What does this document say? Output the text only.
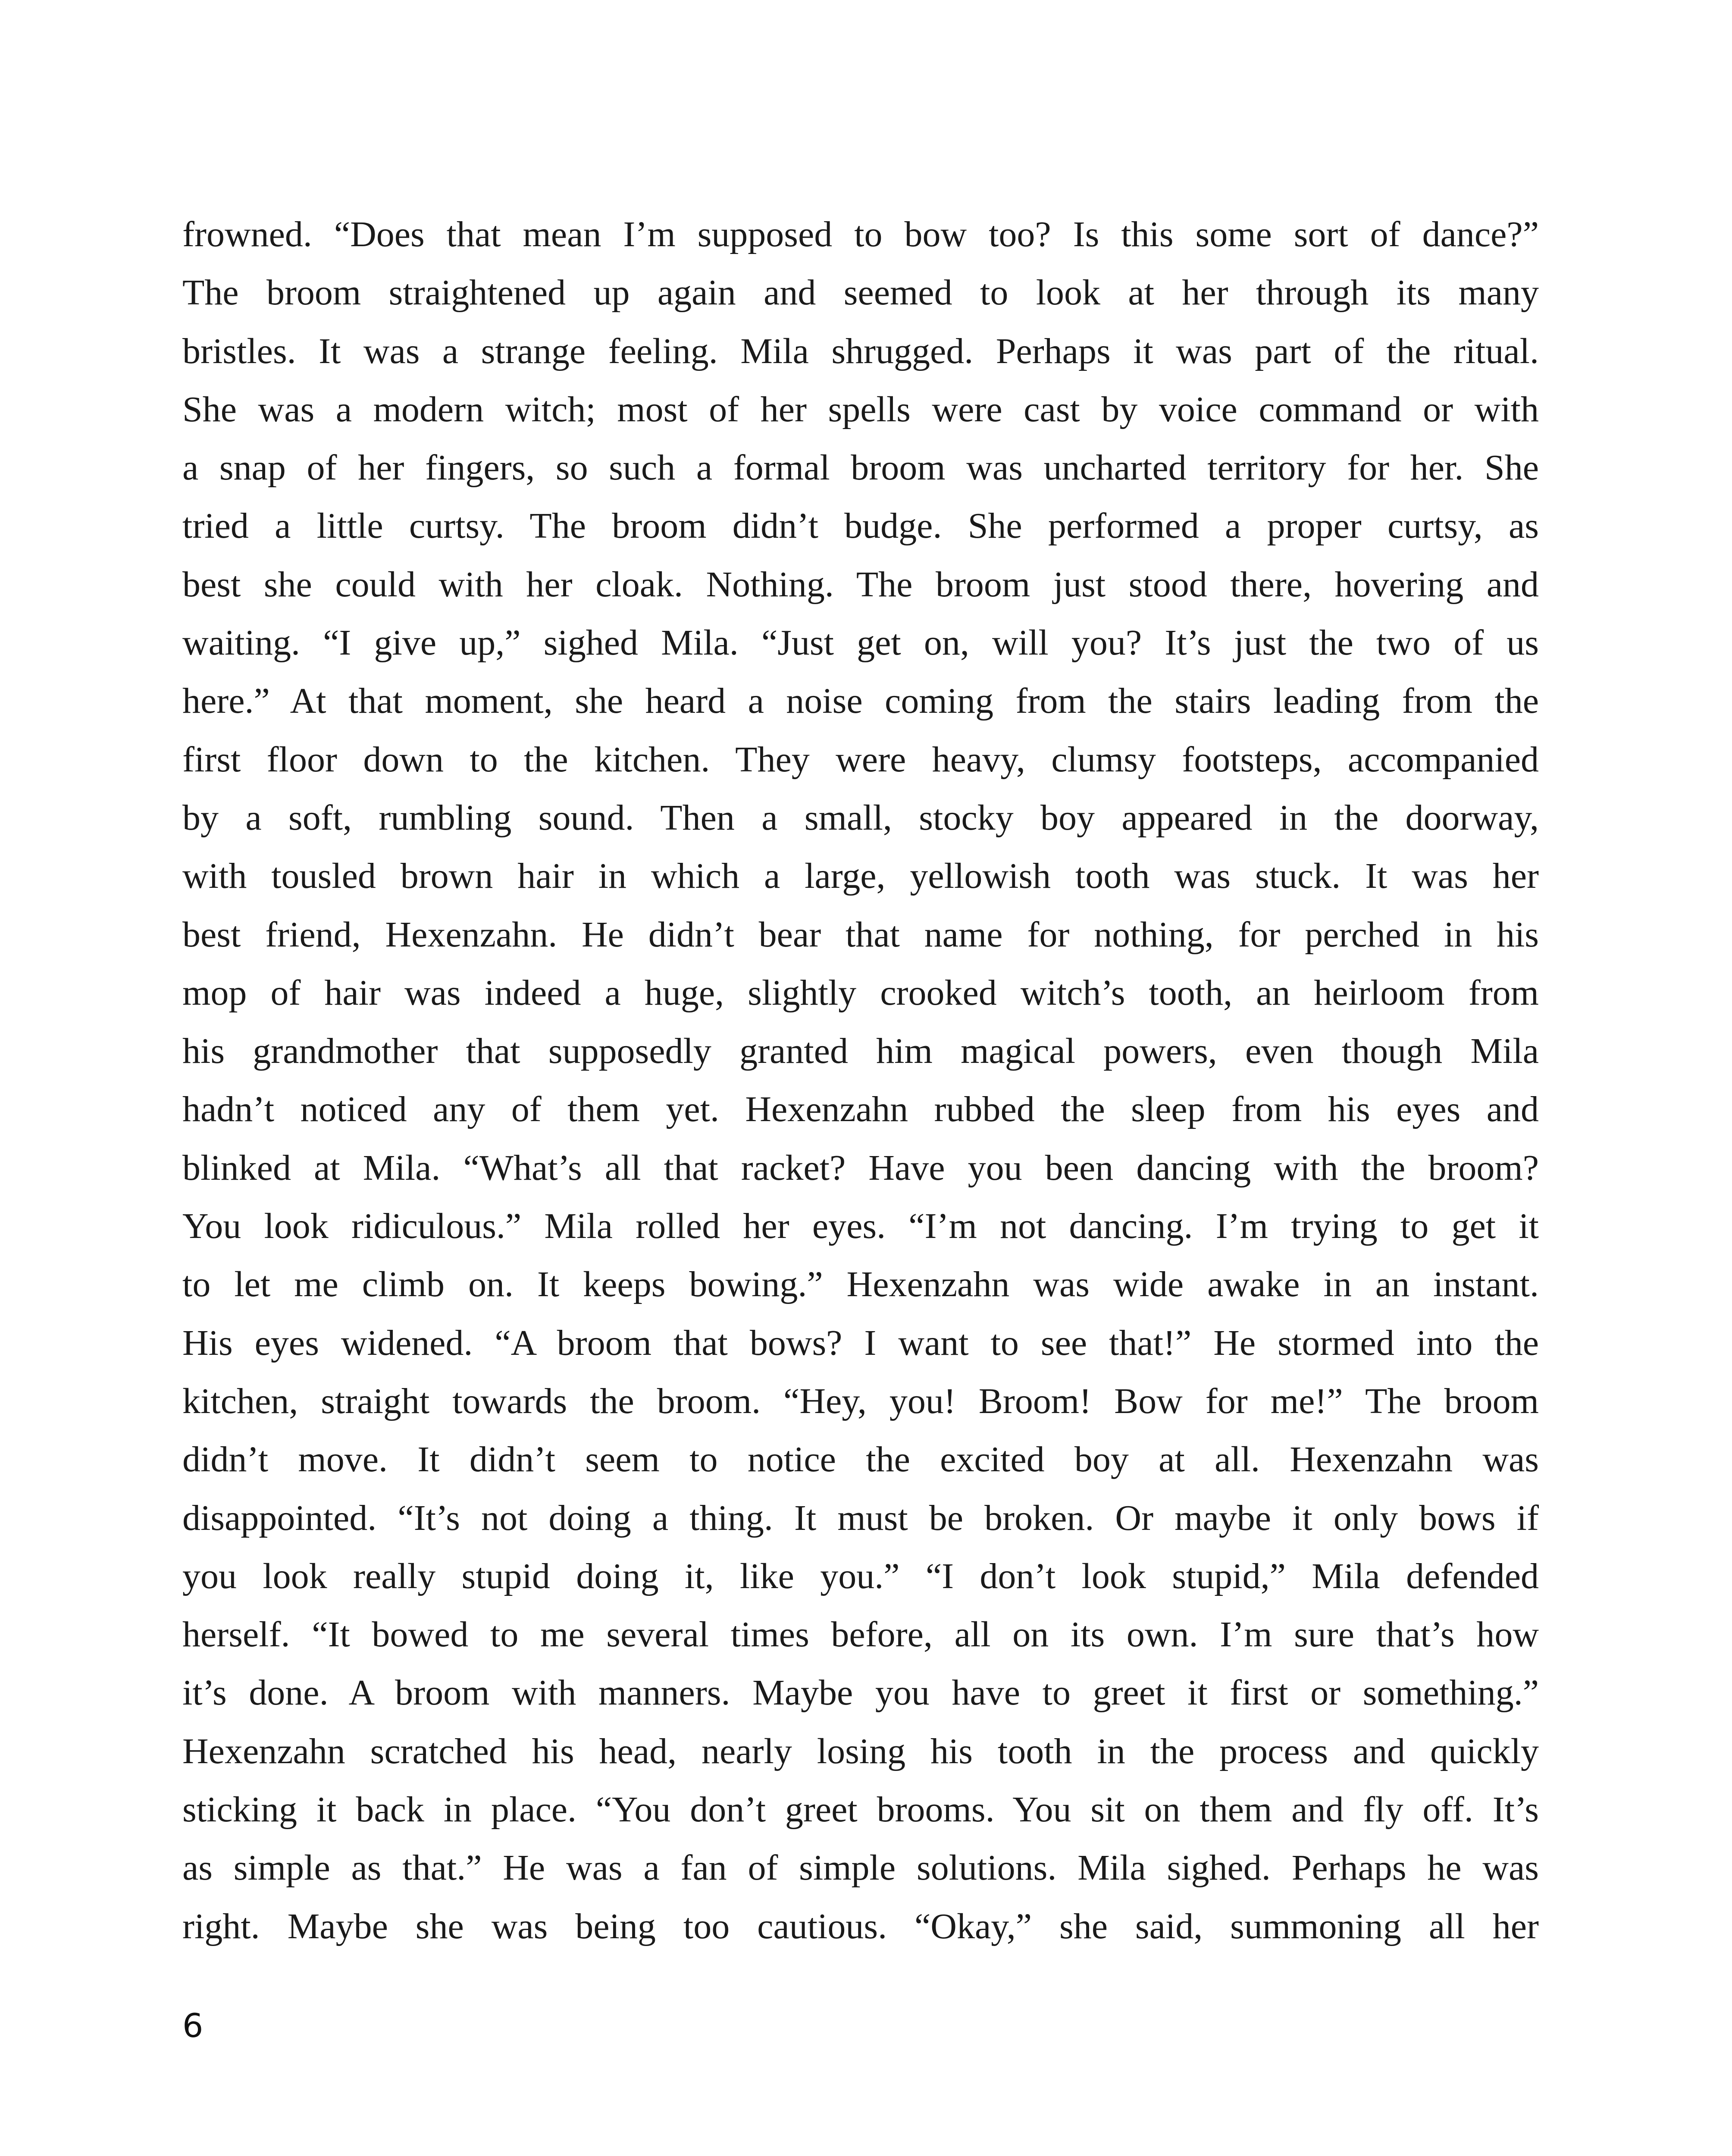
frowned. “Does that mean I’m supposed to bow too? Is this some sort of dance?”
The broom straightened up again and seemed to look at her through its many
bristles. It was a strange feeling. Mila shrugged. Perhaps it was part of the ritual.
She was a modern witch; most of her spells were cast by voice command or with
a snap of her fingers, so such a formal broom was uncharted territory for her. She
tried a little curtsy. The broom didn’t budge. She performed a proper curtsy, as
best she could with her cloak. Nothing. The broom just stood there, hovering and
waiting. “I give up,” sighed Mila. “Just get on, will you? It’s just the two of us
here.” At that moment, she heard a noise coming from the stairs leading from the
first floor down to the kitchen. They were heavy, clumsy footsteps, accompanied
by a soft, rumbling sound. Then a small, stocky boy appeared in the doorway,
with tousled brown hair in which a large, yellowish tooth was stuck. It was her
best friend, Hexenzahn. He didn’t bear that name for nothing, for perched in his
mop of hair was indeed a huge, slightly crooked witch’s tooth, an heirloom from
his grandmother that supposedly granted him magical powers, even though Mila
hadn’t noticed any of them yet. Hexenzahn rubbed the sleep from his eyes and
blinked at Mila. “What’s all that racket? Have you been dancing with the broom?
You look ridiculous.” Mila rolled her eyes. “I’m not dancing. I’m trying to get it
to let me climb on. It keeps bowing.” Hexenzahn was wide awake in an instant.
His eyes widened. “A broom that bows? I want to see that!” He stormed into the
kitchen, straight towards the broom. “Hey, you! Broom! Bow for me!” The broom
didn’t move. It didn’t seem to notice the excited boy at all. Hexenzahn was
disappointed. “It’s not doing a thing. It must be broken. Or maybe it only bows if
you look really stupid doing it, like you.” “I don’t look stupid,” Mila defended
herself. “It bowed to me several times before, all on its own. I’m sure that’s how
it’s done. A broom with manners. Maybe you have to greet it first or something.”
Hexenzahn scratched his head, nearly losing his tooth in the process and quickly
sticking it back in place. “You don’t greet brooms. You sit on them and fly off. It’s
as simple as that.” He was a fan of simple solutions. Mila sighed. Perhaps he was
right. Maybe she was being too cautious. “Okay,” she said, summoning all her
6
